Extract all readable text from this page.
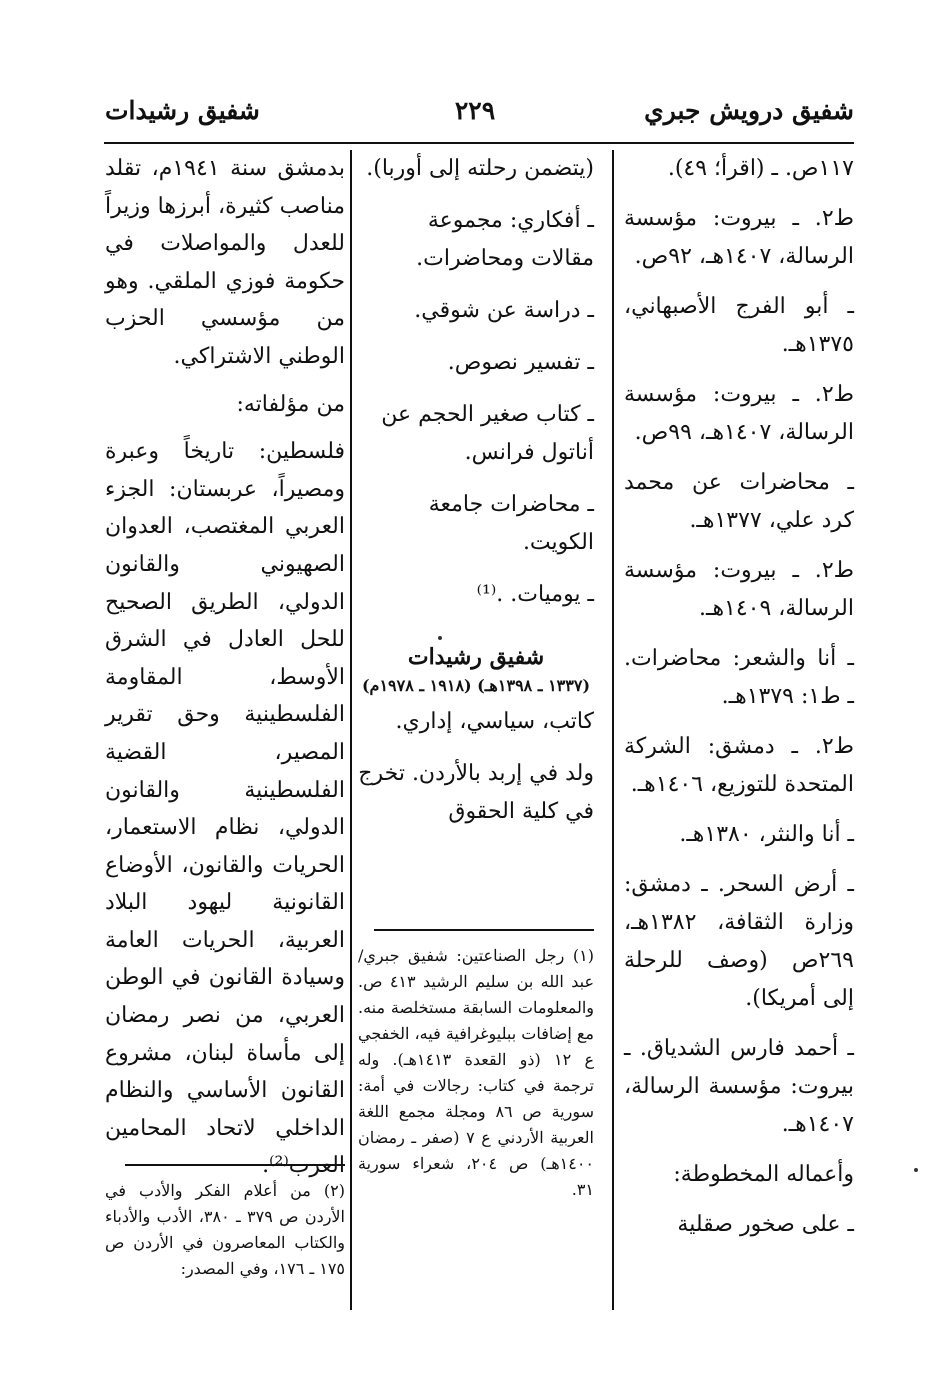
شفيق درويش جبري
٢٢٩
شفيق رشيدات

١١٧ص. ـ (اقرأ؛ ٤٩).

ط٢. ـ بيروت: مؤسسة الرسالة، ١٤٠٧هـ، ٩٢ص.

ـ أبو الفرج الأصبهاني، ١٣٧٥هـ.

ط٢. ـ بيروت: مؤسسة الرسالة، ١٤٠٧هـ، ٩٩ص.

ـ محاضرات عن محمد كرد علي، ١٣٧٧هـ.

ط٢. ـ بيروت: مؤسسة الرسالة، ١٤٠٩هـ.

ـ أنا والشعر: محاضرات. ـ ط١: ١٣٧٩هـ.

ط٢. ـ دمشق: الشركة المتحدة للتوزيع، ١٤٠٦هـ.

ـ أنا والنثر، ١٣٨٠هـ.

ـ أرض السحر. ـ دمشق: وزارة الثقافة، ١٣٨٢هـ، ٢٦٩ص (وصف للرحلة إلى أمريكا).

ـ أحمد فارس الشدياق. ـ بيروت: مؤسسة الرسالة، ١٤٠٧هـ.

وأعماله المخطوطة:

ـ على صخور صقلية

(يتضمن رحلته إلى أوربا).

ـ أفكاري: مجموعة مقالات ومحاضرات.

ـ دراسة عن شوقي.

ـ تفسير نصوص.

ـ كتاب صغير الحجم عن أناتول فرانس.

ـ محاضرات جامعة الكويت.

ـ يوميات. .⁽¹⁾

شفيق رشيدات
(١٣٣٧ ـ ١٣٩٨هـ) (١٩١٨ ـ ١٩٧٨م)

كاتب، سياسي، إداري.

ولد في إربد بالأردن. تخرج في كلية الحقوق

(١) رجل الصناعتين: شفيق جبري/ عبد الله بن سليم الرشيد ٤١٣ ص. والمعلومات السابقة مستخلصة منه. مع إضافات ببليوغرافية فيه، الخفجي ع ١٢ (ذو القعدة ١٤١٣هـ). وله ترجمة في كتاب: رجالات في أمة: سورية ص ٨٦ ومجلة مجمع اللغة العربية الأردني ع ٧ (صفر ـ رمضان ١٤٠٠هـ) ص ٢٠٤، شعراء سورية ٣١.

بدمشق سنة ١٩٤١م، تقلد مناصب كثيرة، أبرزها وزيراً للعدل والمواصلات في حكومة فوزي الملقي. وهو من مؤسسي الحزب الوطني الاشتراكي.

من مؤلفاته:

فلسطين: تاريخاً وعبرة ومصيراً، عربستان: الجزء العربي المغتصب، العدوان الصهيوني والقانون الدولي، الطريق الصحيح للحل العادل في الشرق الأوسط، المقاومة الفلسطينية وحق تقرير المصير، القضية الفلسطينية والقانون الدولي، نظام الاستعمار، الحريات والقانون، الأوضاع القانونية ليهود البلاد العربية، الحريات العامة وسيادة القانون في الوطن العربي، من نصر رمضان إلى مأساة لبنان، مشروع القانون الأساسي والنظام الداخلي لاتحاد المحامين العرب⁽²⁾.

(٢) من أعلام الفكر والأدب في الأردن ص ٣٧٩ ـ ٣٨٠، الأدب والأدباء والكتاب المعاصرون في الأردن ص ١٧٥ ـ ١٧٦، وفي المصدر:
